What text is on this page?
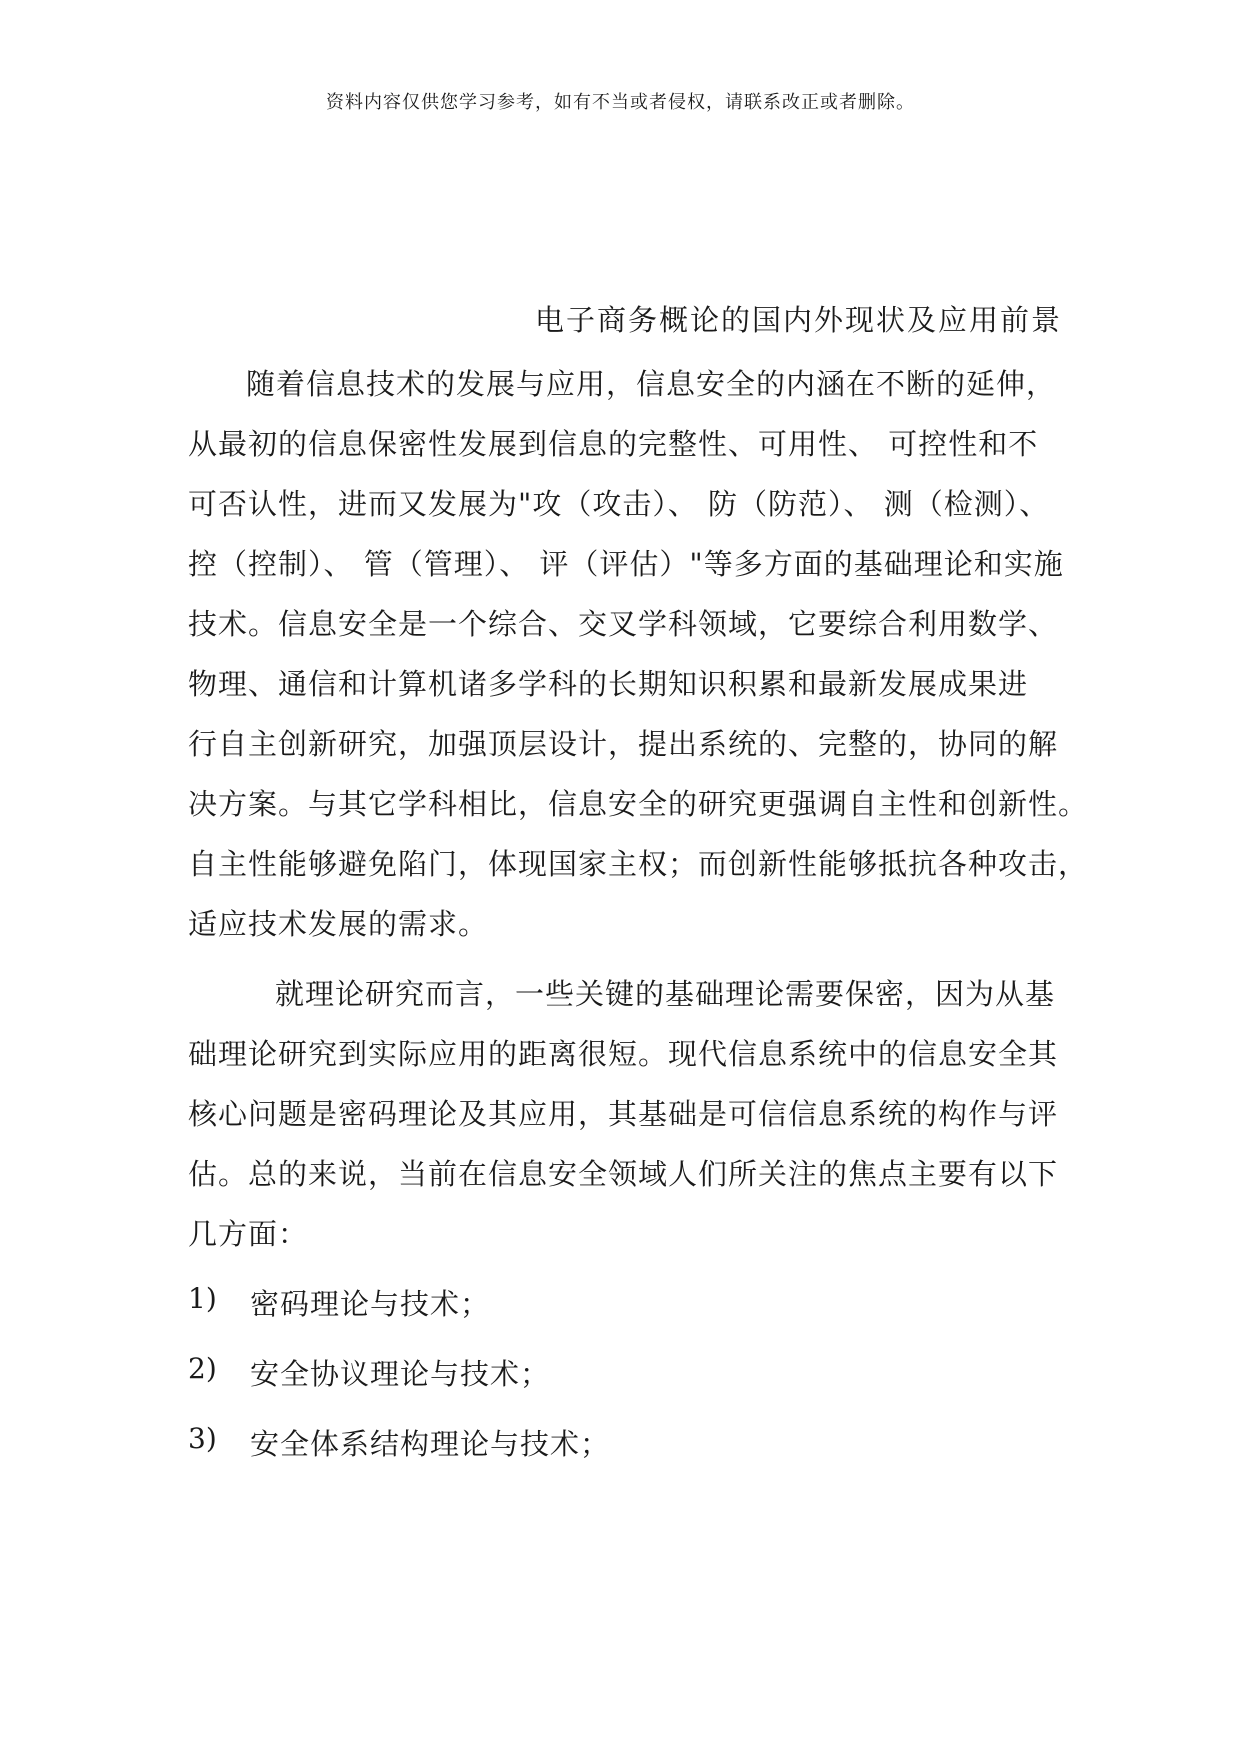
资料内容仅供您学习参考，如有不当或者侵权，请联系改正或者删除。
电子商务概论的国内外现状及应用前景
随着信息技术的发展与应用，信息安全的内涵在不断的延伸，
从最初的信息保密性发展到信息的完整性、可用性、 可控性和不
可否认性，进而又发展为"攻（攻击）、 防（防范）、 测（检测）、
控（控制）、 管（管理）、 评（评估）"等多方面的基础理论和实施
技术。信息安全是一个综合、交叉学科领域，它要综合利用数学、
物理、通信和计算机诸多学科的长期知识积累和最新发展成果进
行自主创新研究，加强顶层设计，提出系统的、完整的，协同的解
决方案。与其它学科相比，信息安全的研究更强调自主性和创新性。
自主性能够避免陷门，体现国家主权；而创新性能够抵抗各种攻击，
适应技术发展的需求。
就理论研究而言，一些关键的基础理论需要保密，因为从基
础理论研究到实际应用的距离很短。现代信息系统中的信息安全其
核心问题是密码理论及其应用，其基础是可信信息系统的构作与评
估。总的来说，当前在信息安全领域人们所关注的焦点主要有以下
几方面：
1) 密码理论与技术；
2) 安全协议理论与技术；
3) 安全体系结构理论与技术；
